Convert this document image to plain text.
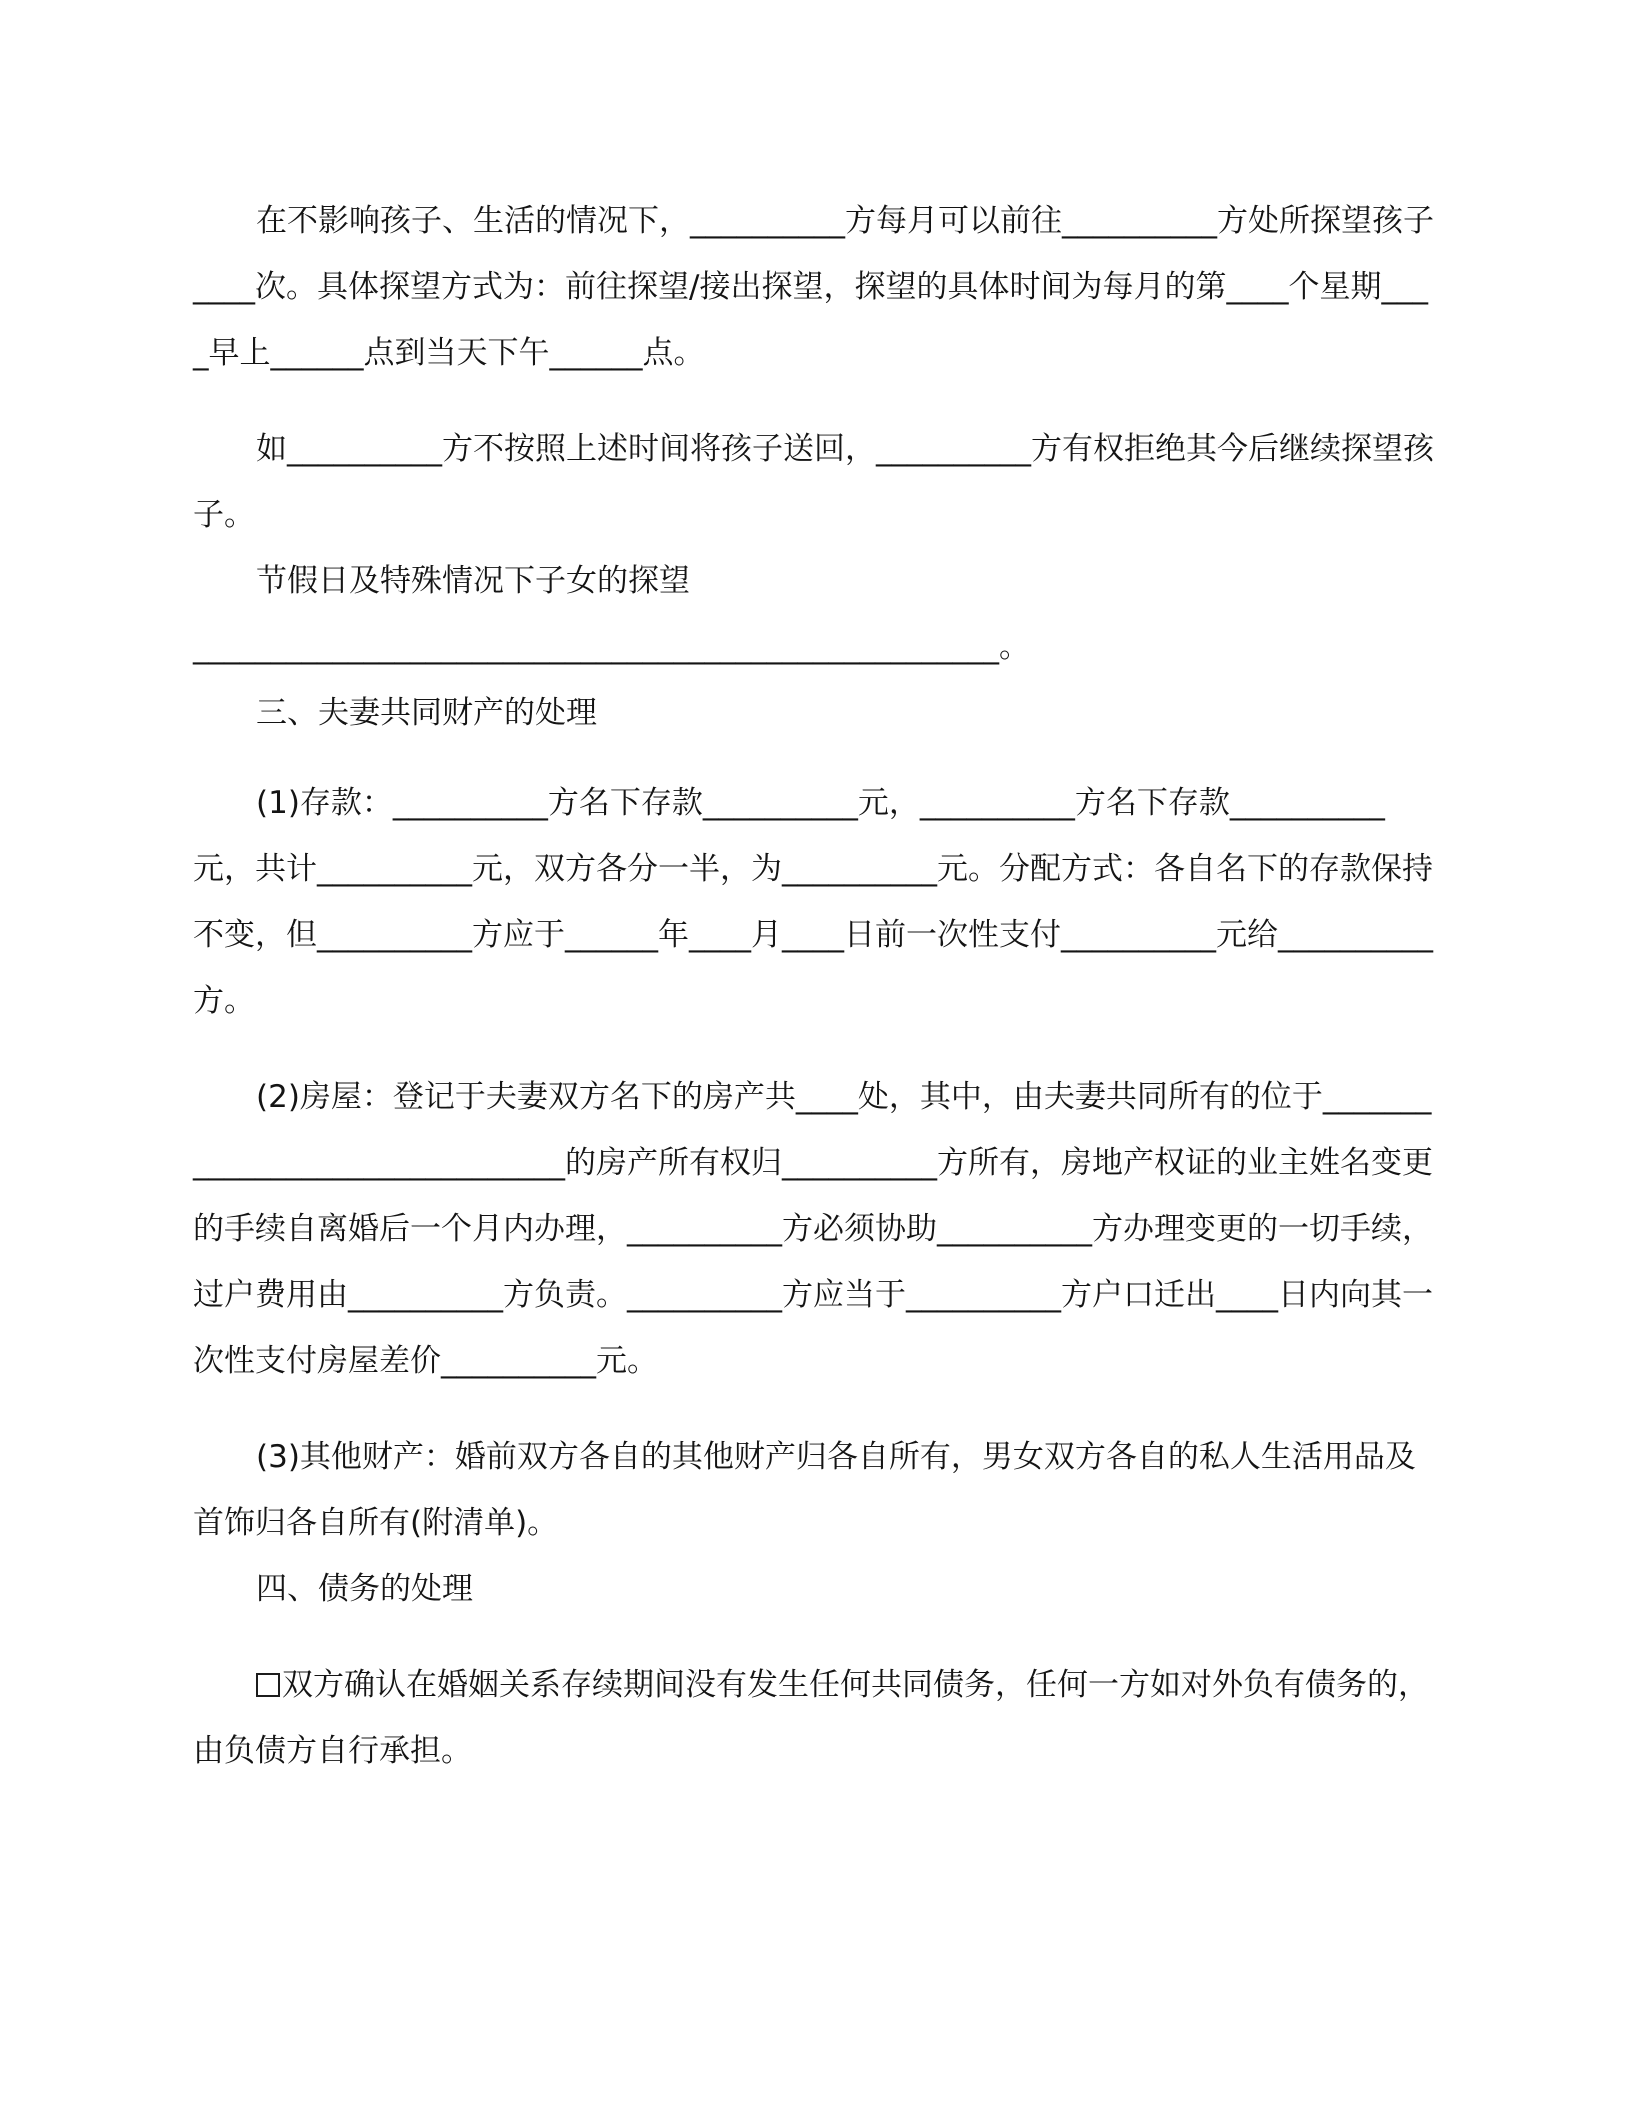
在不影响孩子、生活的情况下，__________方每月可以前往__________方处所探望孩子____次。具体探望方式为：前往探望/接出探望，探望的具体时间为每月的第____个星期____早上______点到当天下午______点。

如__________方不按照上述时间将孩子送回，__________方有权拒绝其今后继续探望孩子。

节假日及特殊情况下子女的探望

____________________________________________________。

三、夫妻共同财产的处理

(1)存款：__________方名下存款__________元，__________方名下存款__________元，共计__________元，双方各分一半，为__________元。分配方式：各自名下的存款保持不变，但__________方应于______年____月____日前一次性支付__________元给__________方。

(2)房屋：登记于夫妻双方名下的房产共____处，其中，由夫妻共同所有的位于_______________________________的房产所有权归__________方所有，房地产权证的业主姓名变更的手续自离婚后一个月内办理，__________方必须协助__________方办理变更的一切手续，过户费用由__________方负责。__________方应当于__________方户口迁出____日内向其一次性支付房屋差价__________元。

(3)其他财产：婚前双方各自的其他财产归各自所有，男女双方各自的私人生活用品及首饰归各自所有(附清单)。

四、债务的处理

双方确认在婚姻关系存续期间没有发生任何共同债务，任何一方如对外负有债务的，由负债方自行承担。
